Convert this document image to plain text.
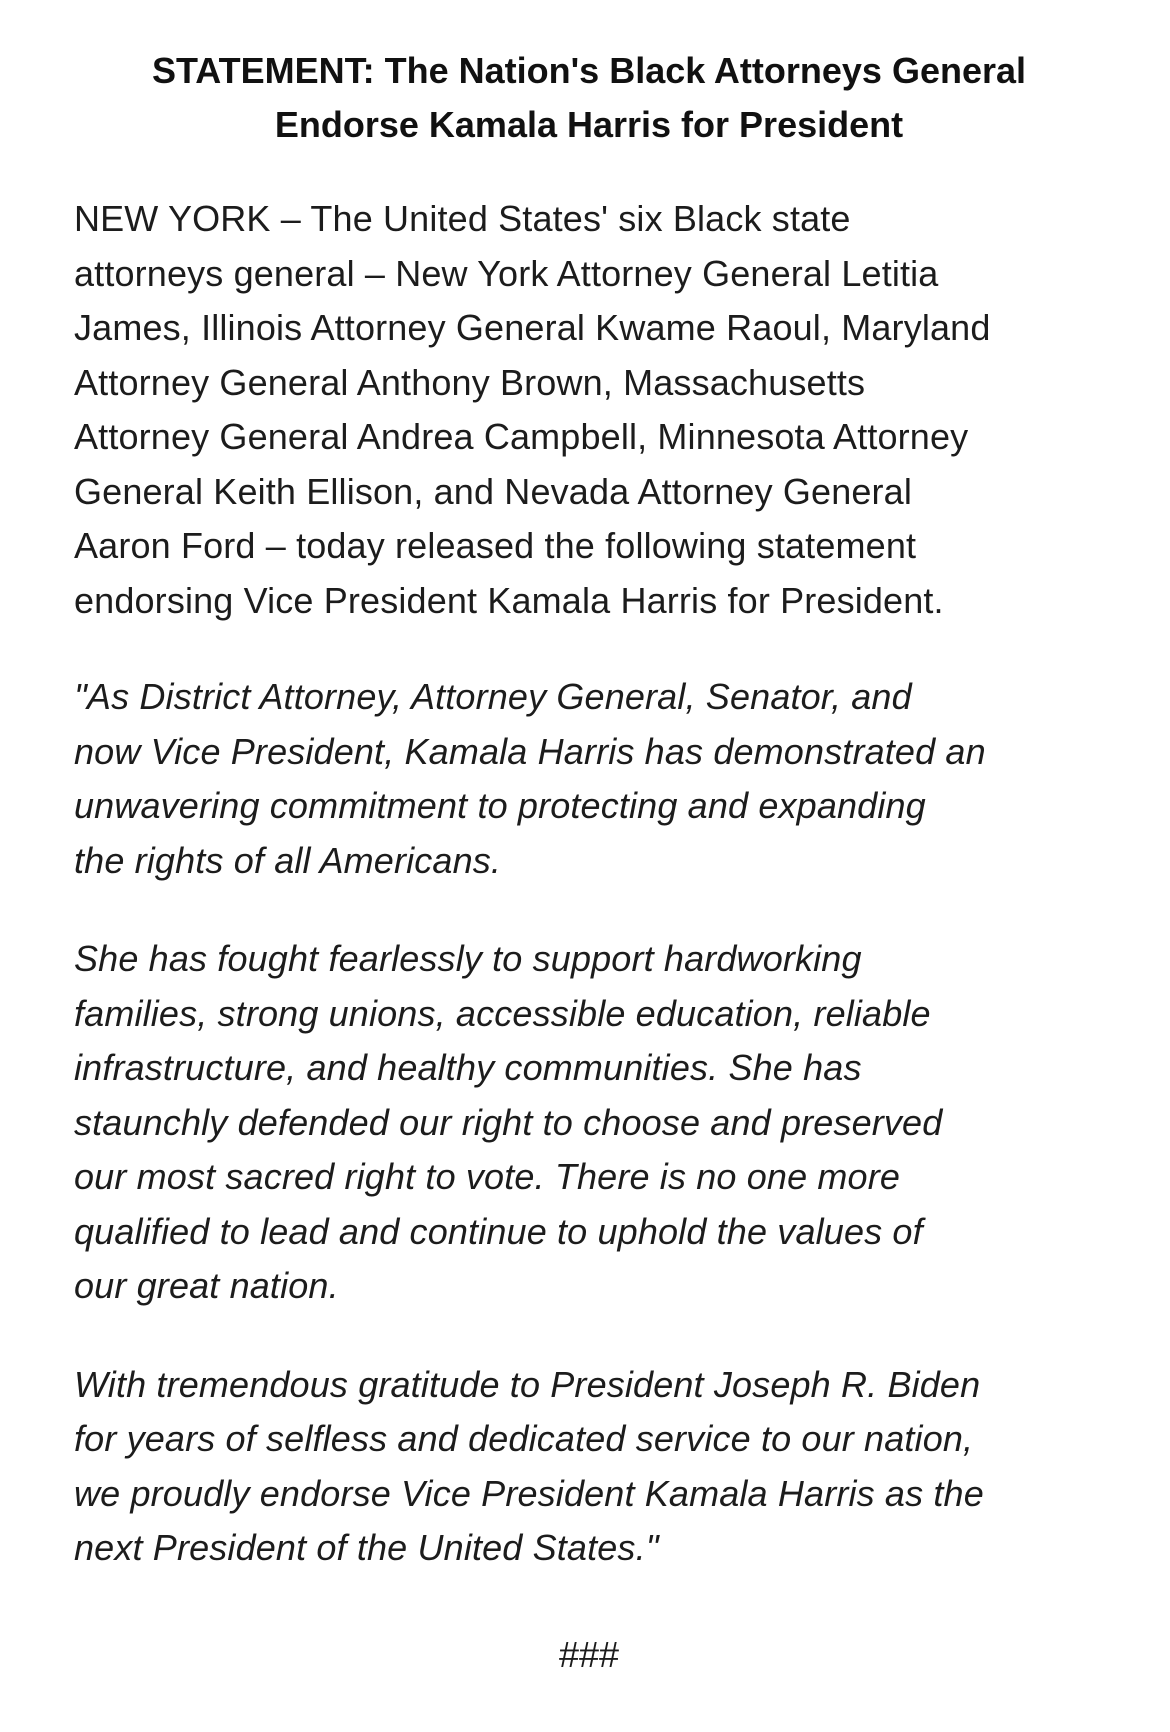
STATEMENT: The Nation's Black Attorneys General
Endorse Kamala Harris for President

NEW YORK – The United States' six Black state
attorneys general – New York Attorney General Letitia
James, Illinois Attorney General Kwame Raoul, Maryland
Attorney General Anthony Brown, Massachusetts
Attorney General Andrea Campbell, Minnesota Attorney
General Keith Ellison, and Nevada Attorney General
Aaron Ford – today released the following statement
endorsing Vice President Kamala Harris for President.

"As District Attorney, Attorney General, Senator, and
now Vice President, Kamala Harris has demonstrated an
unwavering commitment to protecting and expanding
the rights of all Americans.

She has fought fearlessly to support hardworking
families, strong unions, accessible education, reliable
infrastructure, and healthy communities. She has
staunchly defended our right to choose and preserved
our most sacred right to vote. There is no one more
qualified to lead and continue to uphold the values of
our great nation.

With tremendous gratitude to President Joseph R. Biden
for years of selfless and dedicated service to our nation,
we proudly endorse Vice President Kamala Harris as the
next President of the United States."

###
